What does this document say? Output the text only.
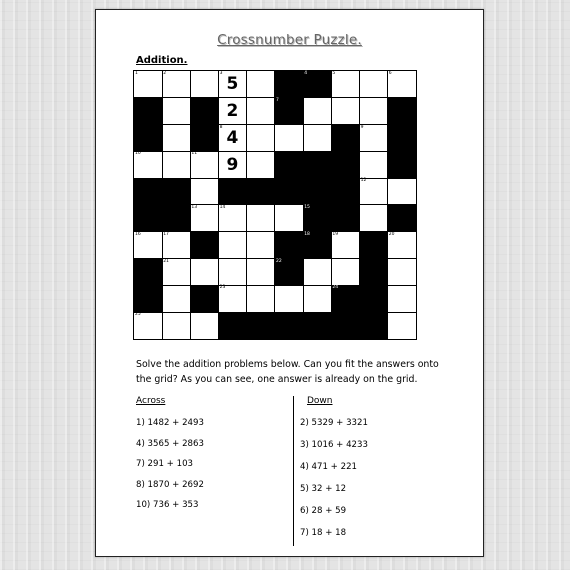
Crossnumber Puzzle.
Addition.
1	2	3
5
4	5	6
2
7
8
4
9
10	11
9
12
13	14	15
16	17	18	19	20
21	22
23	24
25
Solve the addition problems below. Can you fit the answers onto the grid? As you can see, one answer is already on the grid.
Across	Down
1) 1482 + 2493
4) 3565 + 2863
7) 291 + 103
8) 1870 + 2692
10) 736 + 353
2) 5329 + 3321
3) 1016 + 4233
4) 471 + 221
5) 32 + 12
6) 28 + 59
7) 18 + 18
